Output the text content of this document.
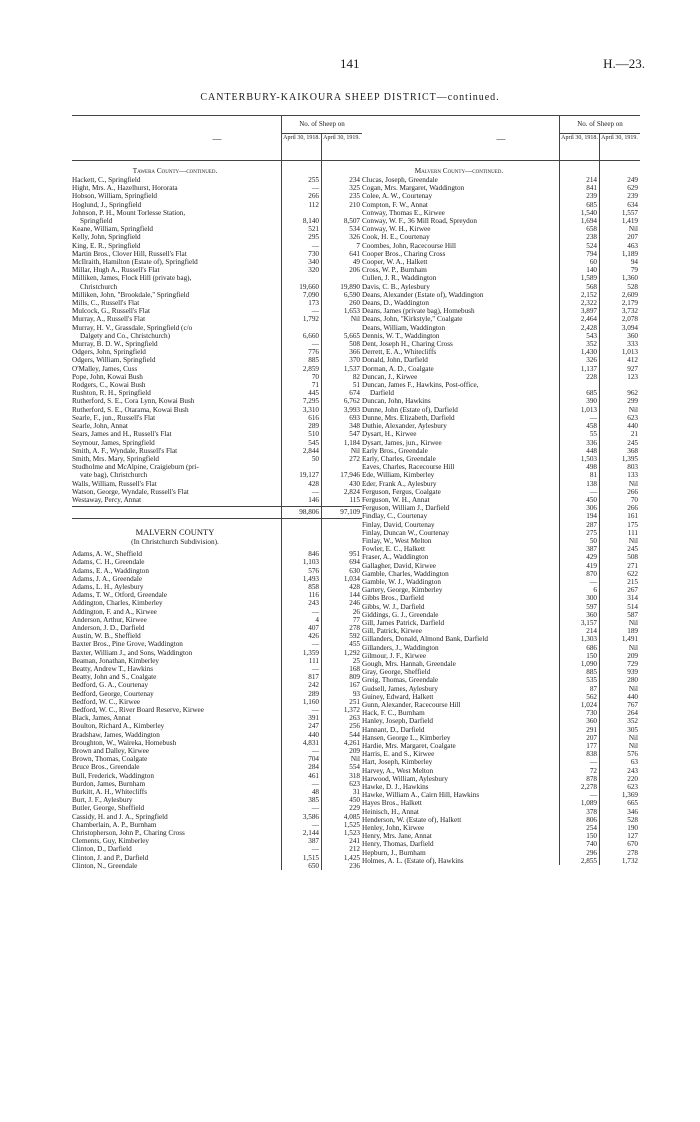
141	H.—23.
CANTERBURY-KAIKOURA SHEEP DISTRICT—continued.
—
No. of Sheep on
April 30, 1918. April 30, 1919.
Tawera County—continued.
Hackett, C., Springfield	255	234
Hight, Mrs. A., Hazelhurst, Hororata	—	325
Hobson, William, Springfield	266	235
Hoglund, J., Springfield	112	210
Johnson, P. H., Mount Torlesse Station,
Springfield	8,140	8,507
Keane, William, Springfield	521	534
Kelly, John, Springfield	295	326
King, E. R., Springfield	—	7
Martin Bros., Clover Hill, Russell's Flat	730	641
McIlraith, Hamilton (Estate of), Springfield	340	49
Millar, Hugh A., Russell's Flat	320	206
Milliken, James, Flock Hill (private bag),
Christchurch	19,660	19,890
Milliken, John, "Brookdale," Springfield	7,090	6,590
Mills, C., Russell's Flat	173	260
Mulcock, G., Russell's Flat	—	1,653
Murray, A., Russell's Flat	1,792	Nil
Murray, H. V., Grassdale, Springfield (c/o
Dalgety and Co., Christchurch)	6,660	5,665
Murray, B. D. W., Springfield	—	508
Odgers, John, Springfield	776	366
Odgers, William, Springfield	885	370
O'Malley, James, Cuss	2,859	1,537
Pope, John, Kowai Bush	70	82
Rodgers, C., Kowai Bush	71	51
Rushton, R. H., Springfield	445	674
Rutherford, S. E., Cora Lynn, Kowai Bush	7,295	6,762
Rutherford, S. E., Otarama, Kowai Bush	3,310	3,993
Searle, F., jun., Russell's Flat	616	693
Searle, John, Annat	289	348
Sears, James and H., Russell's Flat	510	547
Seymour, James, Springfield	545	1,184
Smith, A. F., Wyndale, Russell's Flat	2,844	Nil
Smith, Mrs. Mary, Springfield	50	272
Studholme and McAlpine, Craigieburn (pri-
vate bag), Christchurch	19,127	17,946
Walls, William, Russell's Flat	428	430
Watson, George, Wyndale, Russell's Flat	—	2,824
Westaway, Percy, Annat	146	115
98,806	97,109
MALVERN COUNTY
(In Christchurch Subdivision).
Adams, A. W., Sheffield	846	951
Adams, C. H., Greendale	1,103	694
Adams, E. A., Waddington	576	630
Adams, J. A., Greendale	1,493	1,034
Adams, L. H., Aylesbury	858	428
Adams, T. W., Otford, Greendale	116	144
Addington, Charles, Kimberley	243	246
Addington, F. and A., Kirwee	—	26
Anderson, Arthur, Kirwee	4	77
Anderson, J. D., Darfield	407	278
Austin, W. B., Sheffield	426	592
Baxter Bros., Pine Grove, Waddington	—	455
Baxter, William J., and Sons, Waddington	1,359	1,292
Beaman, Jonathan, Kimberley	111	25
Beatty, Andrew T., Hawkins	—	168
Beatty, John and S., Coalgate	817	809
Bedford, G. A., Courtenay	242	167
Bedford, George, Courtenay	289	93
Bedford, W. C., Kirwee	1,160	251
Bedford, W. C., River Board Reserve, Kirwee	—	1,372
Black, James, Annat	391	263
Boulton, Richard A., Kimberley	247	256
Bradshaw, James, Waddington	440	544
Broughton, W., Waireka, Homebush	4,831	4,261
Brown and Dalley, Kirwee	—	209
Brown, Thomas, Coalgate	704	Nil
Bruce Bros., Greendale	284	554
Bull, Frederick, Waddington	461	318
Burdon, James, Burnham	—	623
Burkitt, A. H., Whitecliffs	48	31
Burt, J. F., Aylesbury	385	450
Butler, George, Sheffield	—	229
Cassidy, H. and J. A., Springfield	3,586	4,085
Chamberlain, A. P., Burnham	—	1,525
Christopherson, John P., Charing Cross	2,144	1,523
Clements, Guy, Kimberley	387	241
Clinton, D., Darfield	—	212
Clinton, J. and P., Darfield	1,515	1,425
Clinton, N., Greendale	650	236
—
No. of Sheep on
April 30, 1918. April 30, 1919.
Malvern County—continued.
Clucas, Joseph, Greendale	214	249
Cogan, Mrs. Margaret, Waddington	841	629
Colee, A. W., Courtenay	239	239
Compton, F. W., Annat	685	634
Conway, Thomas E., Kirwee	1,540	1,557
Conway, W. F., 36 Mill Road, Spreydon	1,694	1,419
Conway, W. H., Kirwee	658	Nil
Cook, H. E., Courtenay	238	207
Coombes, John, Racecourse Hill	524	463
Cooper Bros., Charing Cross	794	1,189
Cooper, W. A., Halkett	60	94
Cross, W. P., Burnham	140	79
Cullen, J. R., Waddington	1,589	1,360
Davis, C. B., Aylesbury	568	528
Deans, Alexander (Estate of), Waddington	2,152	2,609
Deans, D., Waddington	2,322	2,179
Deans, James (private bag), Homebush	3,897	3,732
Deans, John, "Kirkstyle," Coalgate	2,464	2,078
Deans, William, Waddington	2,428	3,094
Dennis, W. T., Waddington	543	360
Dent, Joseph H., Charing Cross	352	333
Derrett, E. A., Whitecliffs	1,430	1,013
Donald, John, Darfield	326	412
Dorman, A. D., Coalgate	1,137	927
Duncan, J., Kirwee	228	123
Duncan, James F., Hawkins, Post-office,
Darfield	685	962
Duncan, John, Hawkins	390	299
Dunne, John (Estate of), Darfield	1,013	Nil
Dunne, Mrs. Elizabeth, Darfield	—	623
Duthie, Alexander, Aylesbury	458	440
Dysart, H., Kirwee	55	21
Dysart, James, jun., Kirwee	336	245
Early Bros., Greendale	448	368
Early, Charles, Greendale	1,503	1,395
Eaves, Charles, Racecourse Hill	498	803
Ede, William, Kimberley	81	133
Eder, Frank A., Aylesbury	138	Nil
Ferguson, Fergus, Coalgate	—	266
Ferguson, W. H., Annat	450	70
Ferguson, William J., Darfield	306	266
Findlay, C., Courtenay	194	161
Finlay, David, Courtenay	287	175
Finlay, Duncan W., Courtenay	275	111
Finlay, W., West Melton	50	Nil
Fowler, E. C., Halkett	387	245
Fraser, A., Waddington	429	508
Gallagher, David, Kirwee	419	271
Gamble, Charles, Waddington	870	622
Gamble, W. J., Waddington	—	215
Gartery, George, Kimberley	6	267
Gibbs Bros., Darfield	300	314
Gibbs, W. J., Darfield	597	514
Giddings, G. J., Greendale	360	587
Gill, James Patrick, Darfield	3,157	Nil
Gill, Patrick, Kirwee	214	189
Gillanders, Donald, Almond Bank, Darfield	1,303	1,491
Gillanders, J., Waddington	686	Nil
Gilmour, J. F., Kirwee	150	209
Gough, Mrs. Hannah, Greendale	1,090	729
Gray, George, Sheffield	885	939
Greig, Thomas, Greendale	535	280
Gudsell, James, Aylesbury	87	Nil
Guiney, Edward, Halkett	562	440
Gunn, Alexander, Racecourse Hill	1,024	767
Hack, F. C., Burnham	730	264
Hanley, Joseph, Darfield	360	352
Hannant, D., Darfield	291	305
Hansen, George L., Kimberley	207	Nil
Hardie, Mrs. Margaret, Coalgate	177	Nil
Harris, E. and S., Kirwee	838	576
Hart, Joseph, Kimberley	—	63
Harvey, A., West Melton	72	243
Harwood, William, Aylesbury	878	220
Hawke, D. J., Hawkins	2,278	623
Hawke, William A., Cairn Hill, Hawkins	—	1,369
Hayes Bros., Halkett	1,089	665
Heinisch, H., Annat	378	346
Henderson, W. (Estate of), Halkett	806	528
Henley, John, Kirwee	254	190
Henry, Mrs. Jane, Annat	150	127
Henry, Thomas, Darfield	740	670
Hepburn, J., Burnham	296	278
Holmes, A. L. (Estate of), Hawkins	2,855	1,732
